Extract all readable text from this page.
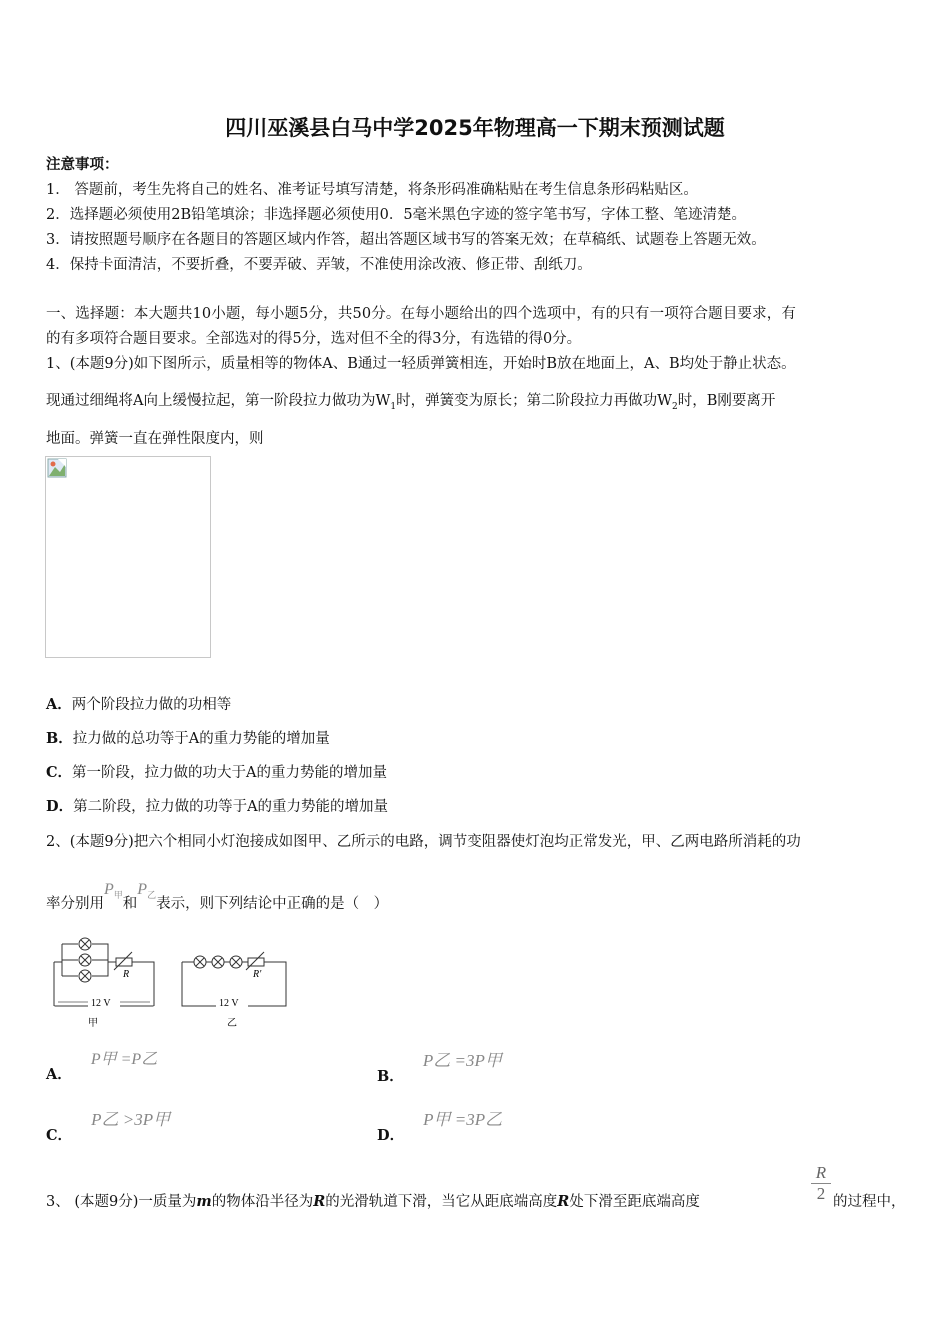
四川巫溪县白马中学2025年物理高一下期末预测试题
注意事项：
1． 答题前，考生先将自己的姓名、准考证号填写清楚，将条形码准确粘贴在考生信息条形码粘贴区。
2．选择题必须使用2B铅笔填涂；非选择题必须使用0．5毫米黑色字迹的签字笔书写，字体工整、笔迹清楚。
3．请按照题号顺序在各题目的答题区域内作答，超出答题区域书写的答案无效；在草稿纸、试题卷上答题无效。
4．保持卡面清洁，不要折叠，不要弄破、弄皱，不准使用涂改液、修正带、刮纸刀。
一、选择题：本大题共10小题，每小题5分，共50分。在每小题给出的四个选项中，有的只有一项符合题目要求，有
的有多项符合题目要求。全部选对的得5分，选对但不全的得3分，有选错的得0分。
1、(本题9分)如下图所示，质量相等的物体A、B通过一轻质弹簧相连，开始时B放在地面上，A、B均处于静止状态。
现通过细绳将A向上缓慢拉起，第一阶段拉力做功为$W_1$时，弹簧变为原长；第二阶段拉力再做功$W_2$时，B刚要离开
地面。弹簧一直在弹性限度内，则
A．两个阶段拉力做的功相等
B．拉力做的总功等于A的重力势能的增加量
C．第一阶段，拉力做的功大于A的重力势能的增加量
D．第二阶段，拉力做的功等于A的重力势能的增加量
2、(本题9分)把六个相同小灯泡接成如图甲、乙所示的电路，调节变阻器使灯泡均正常发光，甲、乙两电路所消耗的功
率分别用$P_甲$和$P_乙$表示，则下列结论中正确的是（　）
R	R'
12 V	12 V
甲	乙
A． P甲 =P乙
B． P乙 =3P甲
C． P乙 >3P甲
D． P甲 =3P乙
3、 (本题9分)一质量为m的物体沿半径为R的光滑轨道下滑，当它从距底端高度R处下滑至距底端高度
R
2 的过程中，
